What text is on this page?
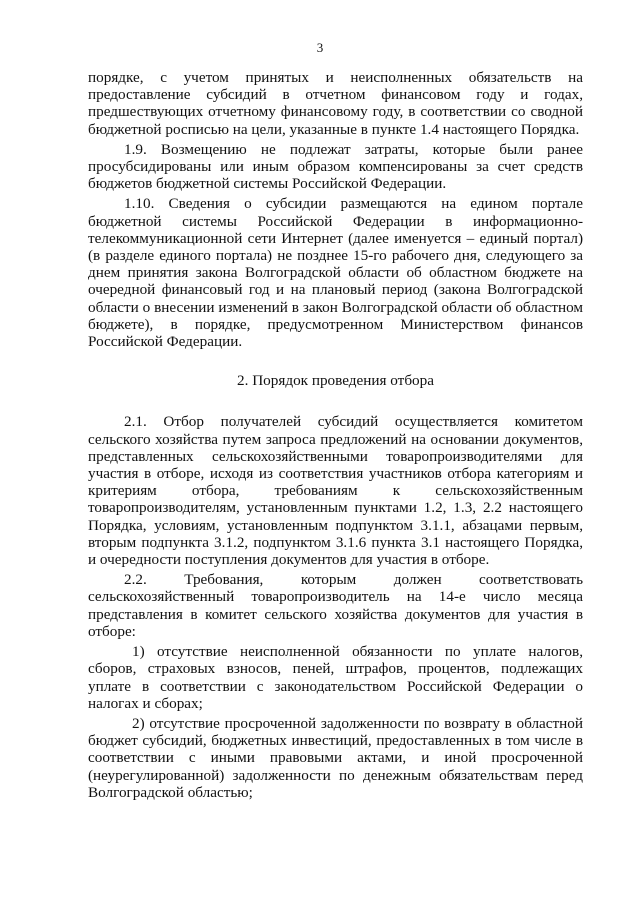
3

порядке, с учетом принятых и неисполненных обязательств на предоставление субсидий в отчетном финансовом году и годах, предшествующих отчетному финансовому году, в соответствии со сводной бюджетной росписью на цели, указанные в пункте 1.4 настоящего Порядка.

1.9. Возмещению не подлежат затраты, которые были ранее просубсидированы или иным образом компенсированы за счет средств бюджетов бюджетной системы Российской Федерации.

1.10. Сведения о субсидии размещаются на едином портале бюджетной системы Российской Федерации в информационно-телекоммуникационной сети Интернет (далее именуется – единый портал) (в разделе единого портала) не позднее 15-го рабочего дня, следующего за днем принятия закона Волгоградской области об областном бюджете на очередной финансовый год и на плановый период (закона Волгоградской области о внесении изменений в закон Волгоградской области об областном бюджете), в порядке, предусмотренном Министерством финансов Российской Федерации.

2. Порядок проведения отбора

2.1. Отбор получателей субсидий осуществляется комитетом сельского хозяйства путем запроса предложений на основании документов, представленных сельскохозяйственными товаропроизводителями для участия в отборе, исходя из соответствия участников отбора категориям и критериям отбора, требованиям к сельскохозяйственным товаропроизводителям, установленным пунктами 1.2, 1.3, 2.2 настоящего Порядка, условиям, установленным подпунктом 3.1.1, абзацами первым, вторым подпункта 3.1.2, подпунктом 3.1.6 пункта 3.1 настоящего Порядка, и очередности поступления документов для участия в отборе.

2.2. Требования, которым должен соответствовать сельскохозяйственный товаропроизводитель на 14-е число месяца представления в комитет сельского хозяйства документов для участия в отборе:

1) отсутствие неисполненной обязанности по уплате налогов, сборов, страховых взносов, пеней, штрафов, процентов, подлежащих уплате в соответствии с законодательством Российской Федерации о налогах и сборах;

2) отсутствие просроченной задолженности по возврату в областной бюджет субсидий, бюджетных инвестиций, предоставленных в том числе в соответствии с иными правовыми актами, и иной просроченной (неурегулированной) задолженности по денежным обязательствам перед Волгоградской областью;
